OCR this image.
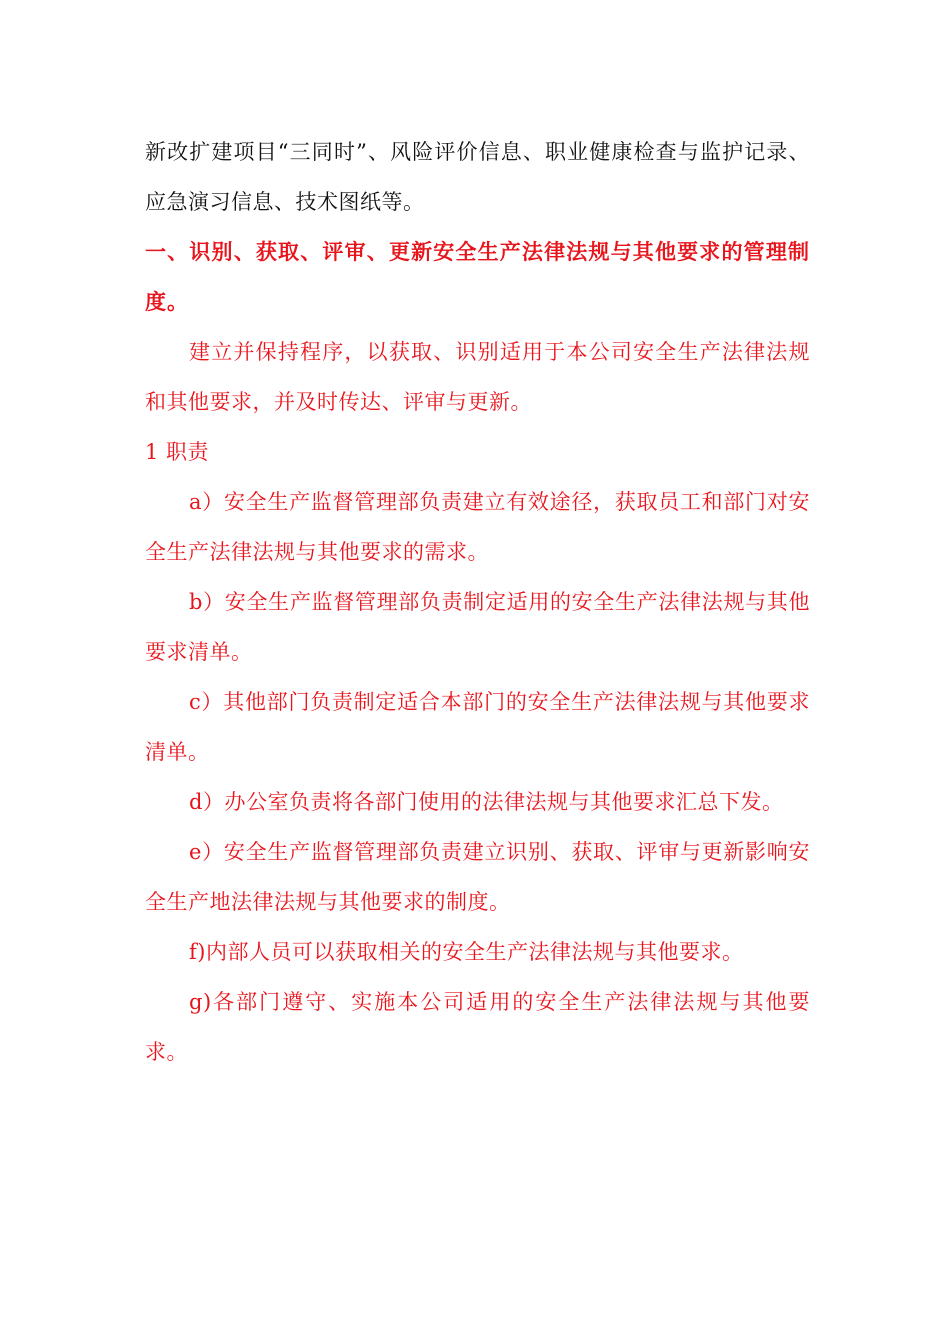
新改扩建项目“三同时”、风险评价信息、职业健康检查与监护记录、应急演习信息、技术图纸等。

一、识别、获取、评审、更新安全生产法律法规与其他要求的管理制度。

建立并保持程序，以获取、识别适用于本公司安全生产法律法规和其他要求，并及时传达、评审与更新。

1 职责

a）安全生产监督管理部负责建立有效途径，获取员工和部门对安全生产法律法规与其他要求的需求。

b）安全生产监督管理部负责制定适用的安全生产法律法规与其他要求清单。

c）其他部门负责制定适合本部门的安全生产法律法规与其他要求清单。

d）办公室负责将各部门使用的法律法规与其他要求汇总下发。

e）安全生产监督管理部负责建立识别、获取、评审与更新影响安全生产地法律法规与其他要求的制度。

f)内部人员可以获取相关的安全生产法律法规与其他要求。

g)各部门遵守、实施本公司适用的安全生产法律法规与其他要求。
